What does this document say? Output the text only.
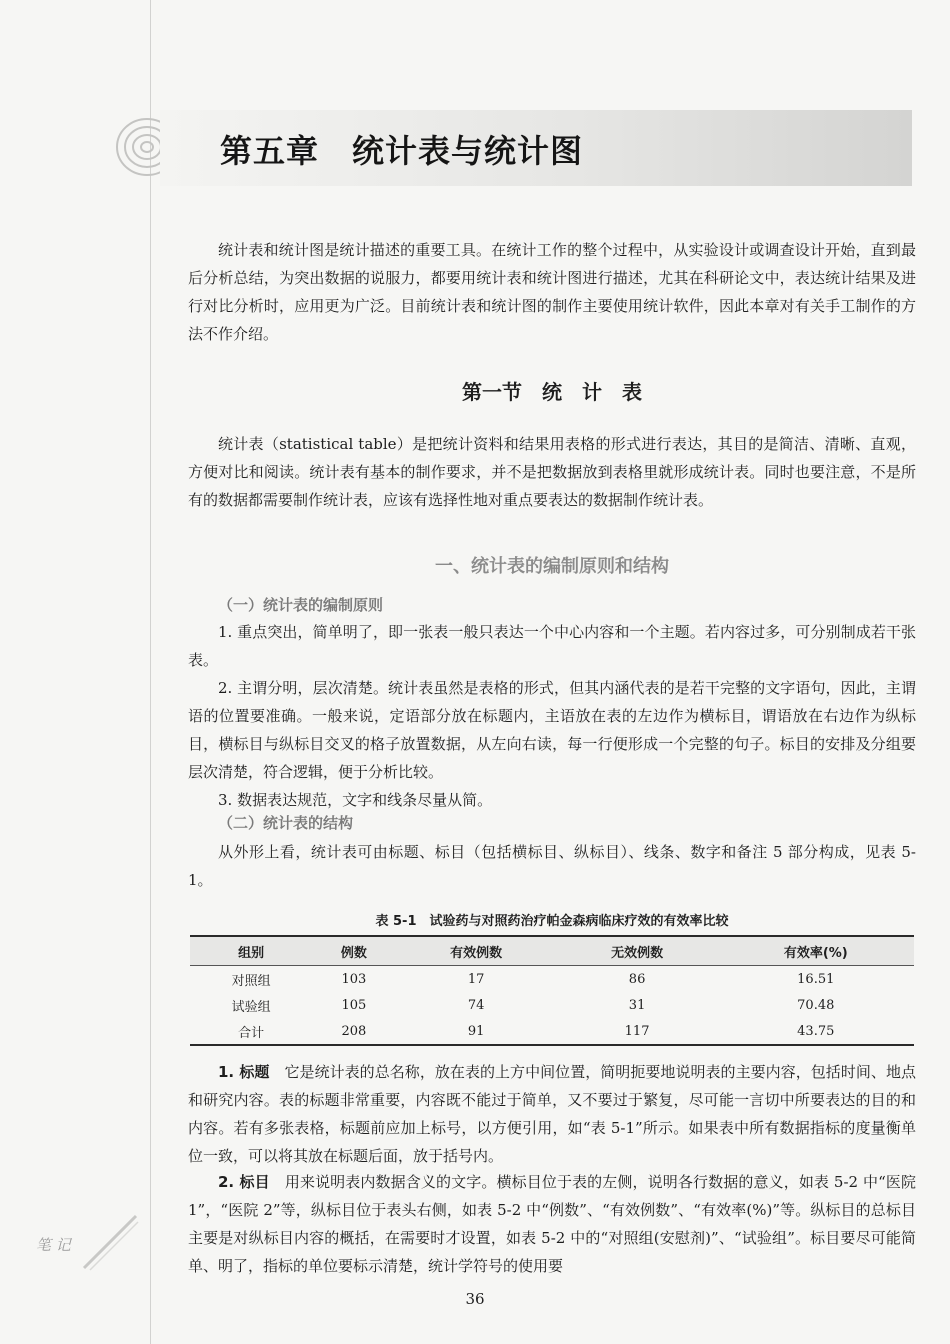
第五章　统计表与统计图

统计表和统计图是统计描述的重要工具。在统计工作的整个过程中，从实验设计或调查设计开始，直到最后分析总结，为突出数据的说服力，都要用统计表和统计图进行描述，尤其在科研论文中，表达统计结果及进行对比分析时，应用更为广泛。目前统计表和统计图的制作主要使用统计软件，因此本章对有关手工制作的方法不作介绍。

第一节　统　计　表

统计表（statistical table）是把统计资料和结果用表格的形式进行表达，其目的是简洁、清晰、直观，方便对比和阅读。统计表有基本的制作要求，并不是把数据放到表格里就形成统计表。同时也要注意，不是所有的数据都需要制作统计表，应该有选择性地对重点要表达的数据制作统计表。

一、统计表的编制原则和结构
（一）统计表的编制原则

1. 重点突出，简单明了，即一张表一般只表达一个中心内容和一个主题。若内容过多，可分别制成若干张表。

2. 主谓分明，层次清楚。统计表虽然是表格的形式，但其内涵代表的是若干完整的文字语句，因此，主谓语的位置要准确。一般来说，定语部分放在标题内，主语放在表的左边作为横标目，谓语放在右边作为纵标目，横标目与纵标目交叉的格子放置数据，从左向右读，每一行便形成一个完整的句子。标目的安排及分组要层次清楚，符合逻辑，便于分析比较。

3. 数据表达规范，文字和线条尽量从简。

（二）统计表的结构

从外形上看，统计表可由标题、标目（包括横标目、纵标目）、线条、数字和备注 5 部分构成，见表 5-1。

表 5-1　试验药与对照药治疗帕金森病临床疗效的有效率比较

组别	例数	有效例数	无效例数	有效率(%)
对照组	103	17	86	16.51
试验组	105	74	31	70.48
合计	208	91	117	43.75

1. 标题　它是统计表的总名称，放在表的上方中间位置，简明扼要地说明表的主要内容，包括时间、地点和研究内容。表的标题非常重要，内容既不能过于简单，又不要过于繁复，尽可能一言切中所要表达的目的和内容。若有多张表格，标题前应加上标号，以方便引用，如“表 5-1”所示。如果表中所有数据指标的度量衡单位一致，可以将其放在标题后面，放于括号内。

2. 标目　用来说明表内数据含义的文字。横标目位于表的左侧，说明各行数据的意义，如表 5-2 中“医院 1”，“医院 2”等，纵标目位于表头右侧，如表 5-2 中“例数”、“有效例数”、“有效率(%)”等。纵标目的总标目主要是对纵标目内容的概括，在需要时才设置，如表 5-2 中的“对照组(安慰剂)”、“试验组”。标目要尽可能简单、明了，指标的单位要标示清楚，统计学符号的使用要

笔 记

36
